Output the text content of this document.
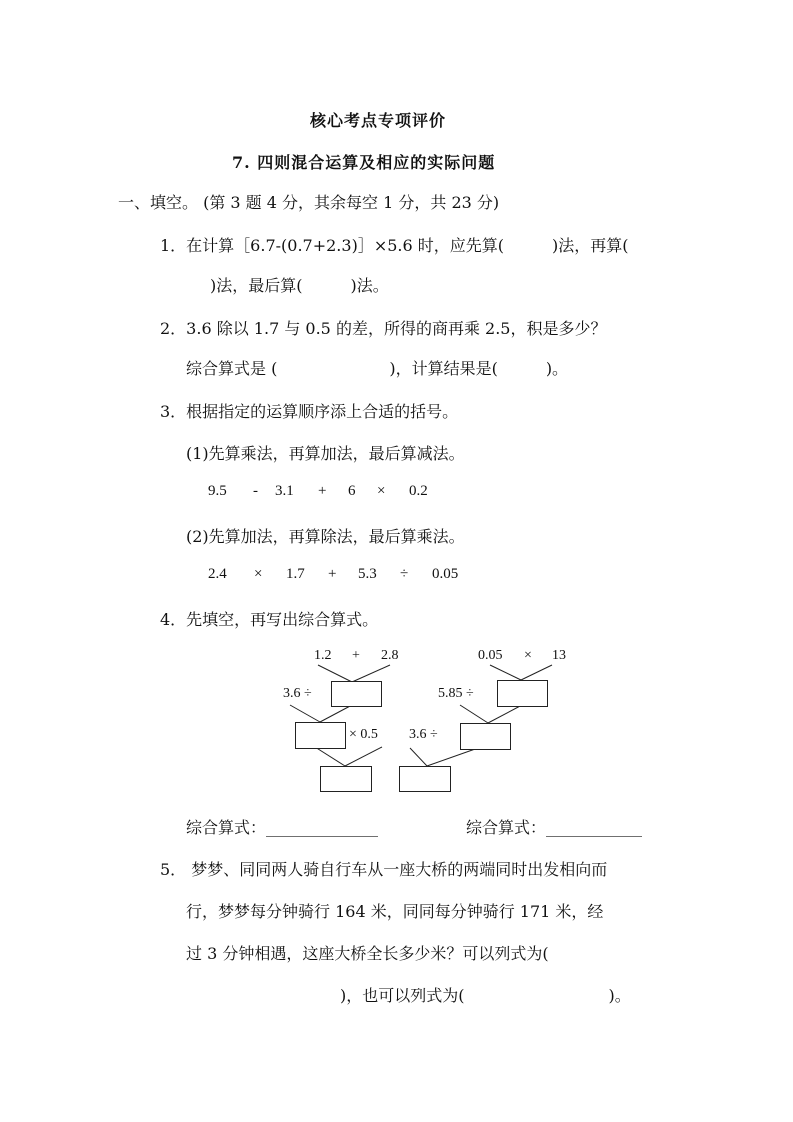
核心考点专项评价
7. 四则混合运算及相应的实际问题
一、填空。 (第 3 题 4 分，其余每空 1 分，共 23 分)
1．在计算［6.7-(0.7+2.3)］×5.6 时，应先算(　　　)法，再算(
)法，最后算(　　　)法。
2．3.6 除以 1.7 与 0.5 的差，所得的商再乘 2.5，积是多少？
综合算式是 (　　　　　　　)，计算结果是(　　　)。
3．根据指定的运算顺序添上合适的括号。
(1)先算乘法，再算加法，最后算减法。
9.5 - 3.1 + 6 × 0.2
(2)先算加法，再算除法，最后算乘法。
2.4 × 1.7 + 5.3 ÷ 0.05
4．先填空，再写出综合算式。
1.2 + 2.8
3.6 ÷
× 0.5
0.05 × 13
5.85 ÷
3.6 ÷
综合算式：______________	综合算式：____________
5． 梦梦、同同两人骑自行车从一座大桥的两端同时出发相向而
行，梦梦每分钟骑行 164 米，同同每分钟骑行 171 米，经
过 3 分钟相遇，这座大桥全长多少米？可以列式为(
)，也可以列式为(　　　　　　　　　)。
